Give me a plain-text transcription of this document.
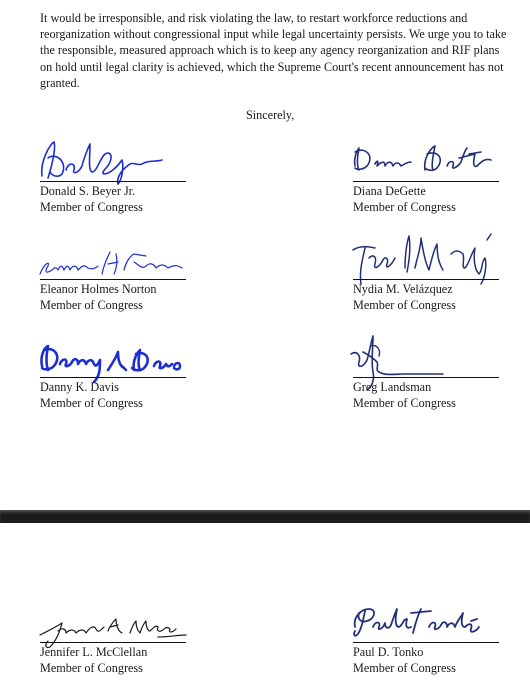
It would be irresponsible, and risk violating the law, to restart workforce reductions and reorganization without congressional input while legal uncertainty persists. We urge you to take the responsible, measured approach which is to keep any agency reorganization and RIF plans on hold until legal clarity is achieved, which the Supreme Court's recent announcement has not granted.

Sincerely,
Donald S. Beyer Jr.
Member of Congress
Diana DeGette
Member of Congress
Eleanor Holmes Norton
Member of Congress
Nydia M. Velázquez
Member of Congress
Danny K. Davis
Member of Congress
Greg Landsman
Member of Congress
Jennifer L. McClellan
Member of Congress
Paul D. Tonko
Member of Congress
